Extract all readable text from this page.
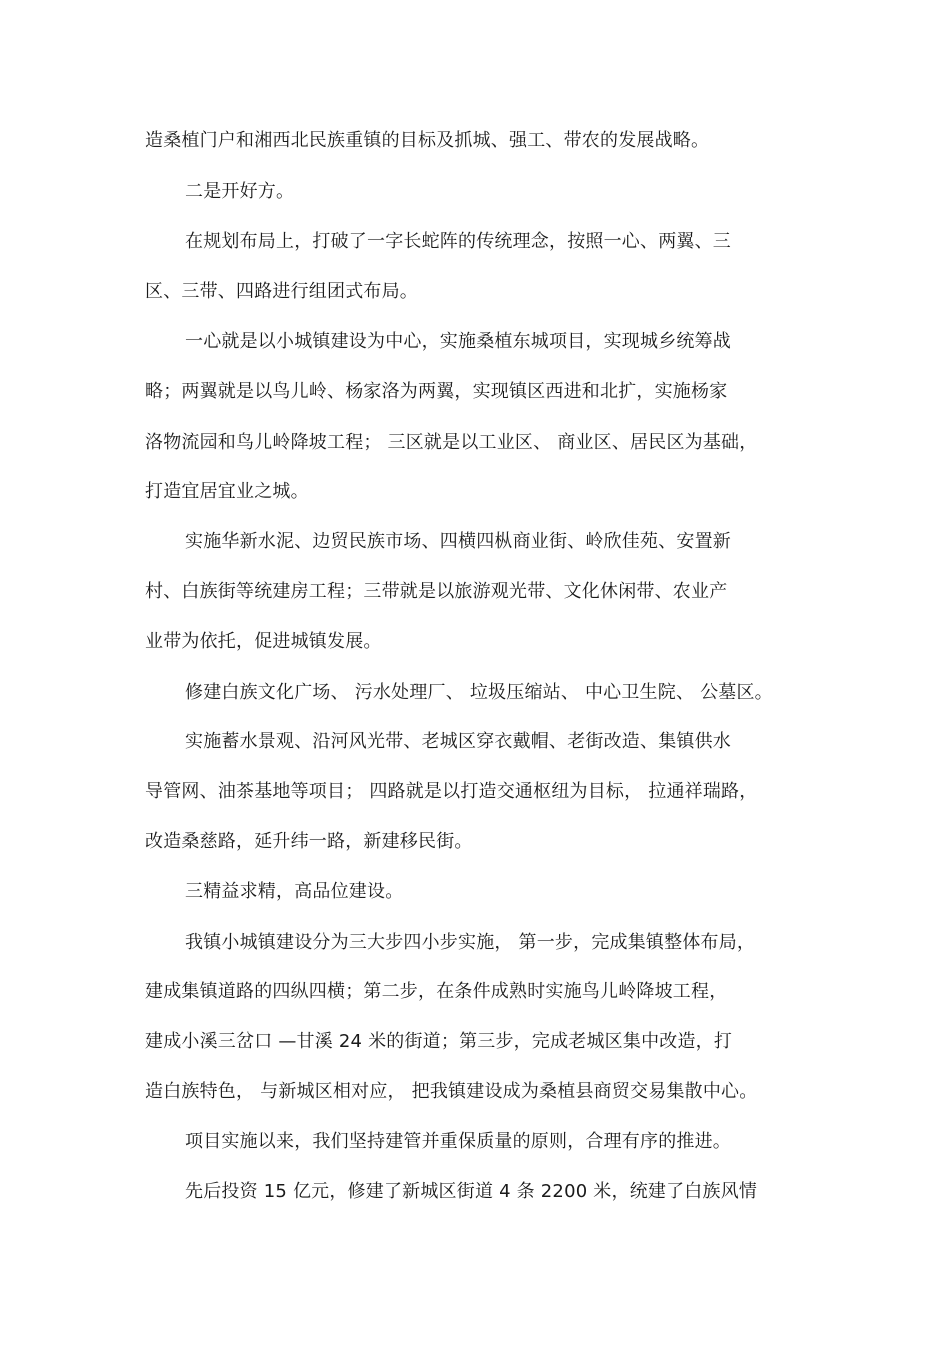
造桑植门户和湘西北民族重镇的目标及抓城、强工、带农的发展战略。
二是开好方。
在规划布局上，打破了一字长蛇阵的传统理念，按照一心、两翼、三
区、三带、四路进行组团式布局。
一心就是以小城镇建设为中心，实施桑植东城项目，实现城乡统筹战
略；两翼就是以鸟儿岭、杨家洛为两翼，实现镇区西进和北扩，实施杨家
洛物流园和鸟儿岭降坡工程； 三区就是以工业区、 商业区、居民区为基础，
打造宜居宜业之城。
实施华新水泥、边贸民族市场、四横四枞商业街、岭欣佳苑、安置新
村、白族街等统建房工程；三带就是以旅游观光带、文化休闲带、农业产
业带为依托，促进城镇发展。
修建白族文化广场、 污水处理厂、 垃圾压缩站、 中心卫生院、 公墓区。
实施蓄水景观、沿河风光带、老城区穿衣戴帽、老街改造、集镇供水
导管网、油茶基地等项目； 四路就是以打造交通枢纽为目标， 拉通祥瑞路，
改造桑慈路，延升纬一路，新建移民街。
三精益求精，高品位建设。
我镇小城镇建设分为三大步四小步实施， 第一步，完成集镇整体布局，
建成集镇道路的四纵四横；第二步，在条件成熟时实施鸟儿岭降坡工程，
建成小溪三岔口 —甘溪 24 米的街道；第三步，完成老城区集中改造，打
造白族特色， 与新城区相对应， 把我镇建设成为桑植县商贸交易集散中心。
项目实施以来，我们坚持建管并重保质量的原则，合理有序的推进。
先后投资 15 亿元，修建了新城区街道 4 条 2200 米，统建了白族风情
